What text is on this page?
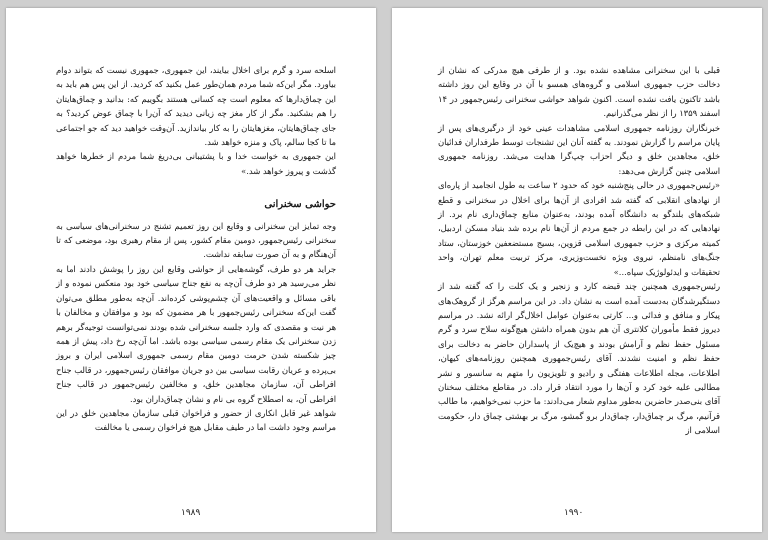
اسلحه سرد و گرم برای اخلال بیایند، این جمهوری، جمهوری نیست که بتواند دوام بیاورد. مگر این‌که شما مردم همان‌طور عمل بکنید که کردید. از این پس هم باید به این چماق‌دارها که معلوم است چه کسانی هستند بگوییم که: بدانید و چماق‌هایتان را هم بشکنید. مگر از کار مغز چه زیانی دیدید که آن‌را با چماق عوض کردید؟ به جای چماق‌هایتان، مغزهایتان را به کار بیاندازید. آن‌وقت خواهید دید که جو اجتماعی ما تا کجا سالم، پاک و منزه خواهد شد.

این جمهوری به خواست خدا و با پشتیبانی بی‌دریغ شما مردم از خطرها خواهد گذشت و پیروز خواهد شد.»

حواشی سخنرانی

وجه تمایز این سخنرانی و وقایع این روز تعمیم تشنج در سخنرانی‌های سیاسی به سخنرانی رئیس‌جمهور، دومین مقام کشور، پس از مقام رهبری بود، موضعی که تا آن‌هنگام و به آن صورت سابقه نداشت.

جراید هر دو طرف، گوشه‌هایی از حواشی وقایع این روز را پوشش دادند اما به نظر می‌رسید هر دو طرف آن‌چه به نفع جناح سیاسی خود بود منعکس نموده و از باقی مسائل و واقعیت‌های آن چشم‌پوشی کرده‌اند. آن‌چه به‌طور مطلق می‌توان گفت این‌که سخنرانی رئیس‌جمهور با هر مضمون که بود و موافقان و مخالفان با هر نیت و مقصدی که وارد جلسه سخنرانی شده بودند نمی‌توانست توجیه‌گر برهم زدن سخنرانی یک مقام رسمی سیاسی بوده باشد. اما آن‌چه رخ داد، پیش از همه چیز شکسته شدن حرمت دومین مقام رسمی جمهوری اسلامی ایران و بروز بی‌پرده و عریان رقابت سیاسی بین دو جریان موافقان رئیس‌جمهور، در قالب جناح افراطی آن، سازمان مجاهدین خلق، و مخالفین رئیس‌جمهور در قالب جناح افراطی آن، به اصطلاح گروه بی نام و نشان چماق‌داران بود.

شواهد غیر قابل انکاری از حضور و فراخوان قبلی سازمان مجاهدین خلق در این مراسم وجود داشت اما در طیف مقابل هیچ فراخوان رسمی یا مخالفت

۱۹۸۹

قبلی با این سخنرانی مشاهده نشده بود. و از طرفی هیچ مدرکی که نشان از دخالت حزب جمهوری اسلامی و گروه‌های همسو با آن در وقایع این روز داشته باشد تاکنون یافت نشده است. اکنون شواهد حواشی سخنرانی رئیس‌جمهور در ۱۴ اسفند ۱۳۵۹ را از نظر می‌گذرانیم.

خبرنگاران روزنامه جمهوری اسلامی مشاهدات عینی خود از درگیری‌های پس از پایان مراسم را گزارش نمودند. به گفته آنان این تشنجات توسط طرفداران فدائیان خلق، مجاهدین خلق و دیگر احزاب چپ‌گرا هدایت می‌شد. روزنامه جمهوری اسلامی چنین گزارش می‌دهد:

«رئیس‌جمهوری در حالی پنج‌شنبه خود که حدود ۲ ساعت به طول انجامید از پاره‌ای از نهادهای انقلابی که گفته شد افرادی از آن‌ها برای اخلال در سخنرانی و قطع شبکه‌های بلندگو به دانشگاه آمده بودند، به‌عنوان منابع چماق‌داری نام برد. از نهادهایی که در این رابطه در جمع مردم از آن‌ها نام برده شد بنیاد مسکن اردبیل، کمیته مرکزی و حزب جمهوری اسلامی قزوین، بسیج مستضعفین خوزستان، ستاد جنگ‌های نامنظم، نیروی ویژه نخست‌وزیری، مرکز تربیت معلم تهران، واحد تحقیقات و ایدئولوژیک سپاه‌...»

رئیس‌جمهوری همچنین چند قبضه کارد و زنجیر و یک کلت را که گفته شد از دستگیرشدگان به‌دست آمده است به نشان داد. در این مراسم هرگز از گروهک‌های پیکار و منافق و فدائی و... کارتی به‌عنوان عوامل اخلال‌گر ارائه نشد. در مراسم دیروز فقط مأموران کلانتری آن هم بدون همراه داشتن هیچ‌گونه سلاح سرد و گرم مسئول حفظ نظم و آرامش بودند و هیچ‌یک از پاسداران حاضر به دخالت برای حفظ نظم و امنیت نشدند. آقای رئیس‌جمهوری همچنین روزنامه‌های کیهان، اطلاعات، مجله اطلاعات هفتگی و رادیو و تلویزیون را متهم به سانسور و نشر مطالبی علیه خود کرد و آن‌ها را مورد انتقاد قرار داد. در مقاطع مختلف سخنان آقای بنی‌صدر حاضرین به‌طور مداوم شعار می‌دادند: ما حزب نمی‌خواهیم، ما طالب قرآنیم، مرگ بر چماق‌دار، چماق‌دار برو گمشو، مرگ بر بهشتی چماق دار، حکومت اسلامی از

۱۹۹۰
